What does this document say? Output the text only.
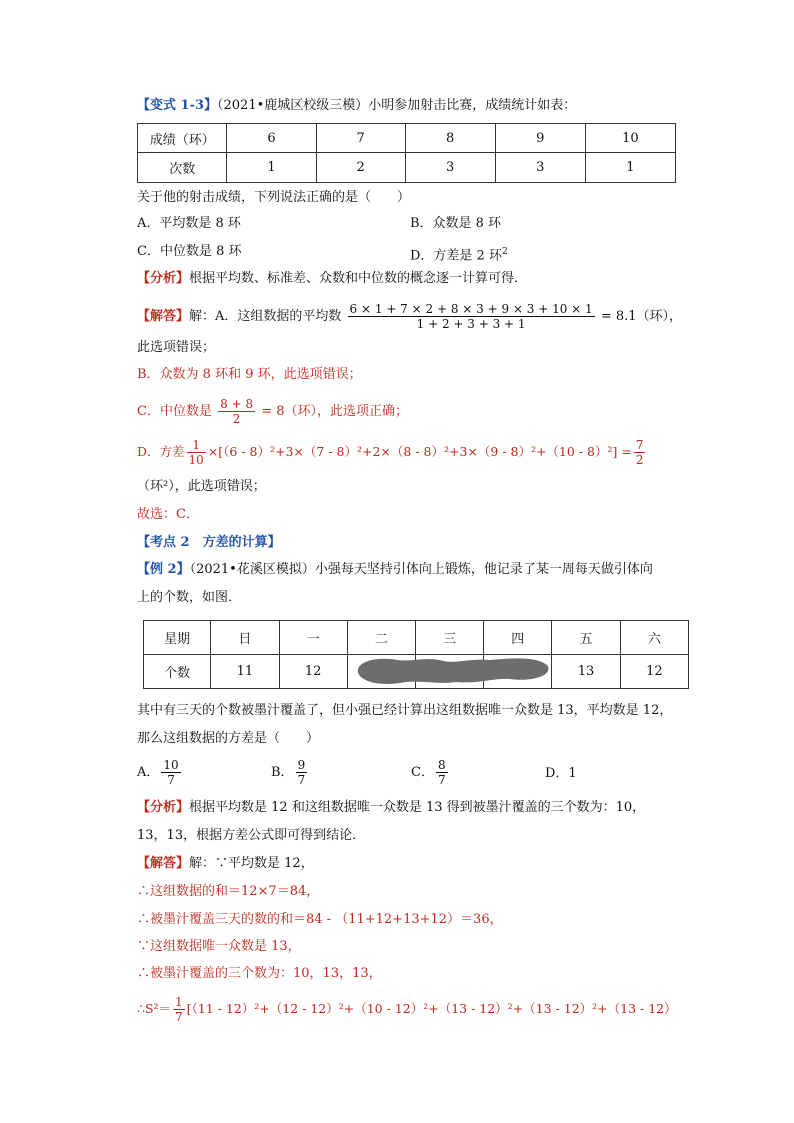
【变式 1-3】（2021•鹿城区校级三模）小明参加射击比赛，成绩统计如表：
成绩（环）	6	7	8	9	10
次数	1	2	3	3	1
关于他的射击成绩，下列说法正确的是（　　）
A．平均数是 8 环	B．众数是 8 环
C．中位数是 8 环	D．方差是 2 环$^2$
【分析】根据平均数、标准差、众数和中位数的概念逐一计算可得．
【解答】解：A．这组数据的平均数 $\frac{6 \times 1 + 7 \times 2 + 8 \times 3 + 9 \times 3 + 10 \times 1}{1 + 2 + 3 + 3 + 1} = 8.1$（环），
此选项错误；
B．众数为 8 环和 9 环，此选项错误；
C．中位数是 $\frac{8 + 8}{2} = 8$（环），此选项正确；
D．方差 $\frac{1}{10} \times[(6 - 8)^2+3\times(7 - 8)^2+2\times(8 - 8)^2+3\times(9 - 8)^2+(10 - 8)^2] = \frac{7}{2}$
（环²），此选项错误；
故选：C．
【考点 2　方差的计算】
【例 2】（2021•花溪区模拟）小强每天坚持引体向上锻炼，他记录了某一周每天做引体向
上的个数，如图．
星期	日	一	二	三	四	五	六
个数	11	12				13	12
其中有三天的个数被墨汁覆盖了，但小强已经计算出这组数据唯一众数是 13，平均数是 12，
那么这组数据的方差是（　　）
A． $\frac{10}{7}$	B． $\frac{9}{7}$	C． $\frac{8}{7}$	D．1
【分析】根据平均数是 12 和这组数据唯一众数是 13 得到被墨汁覆盖的三个数为：10，
13，13，根据方差公式即可得到结论．
【解答】解：∵平均数是 12，
∴这组数据的和＝12×7＝84，
∴被墨汁覆盖三天的数的和＝84 - （11+12+13+12）＝36，
∵这组数据唯一众数是 13，
∴被墨汁覆盖的三个数为：10，13，13，
∴S²＝ $\frac{1}{7} [(11 - 12)^2+(12 - 12)^2+(10 - 12)^2+(13 - 12)^2+(13 - 12)^2+(13 - 12)$
